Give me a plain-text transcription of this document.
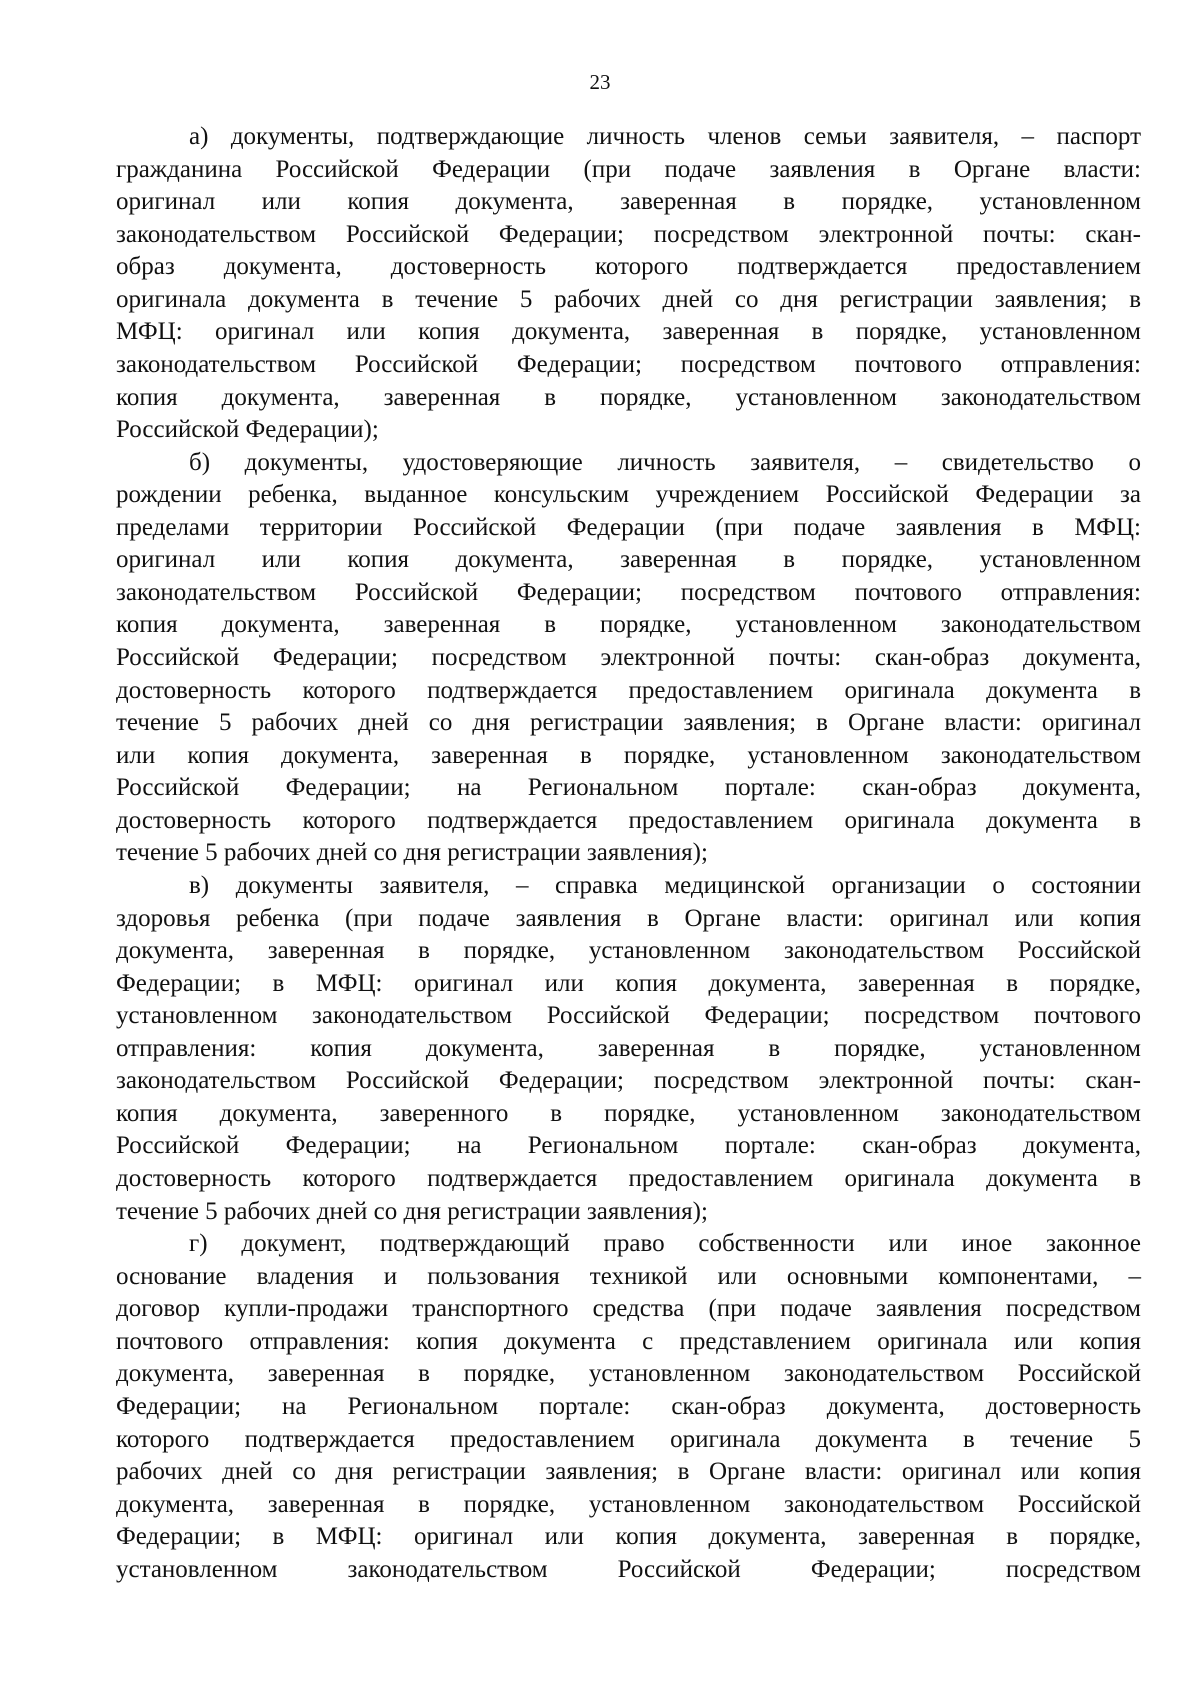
23
а) документы, подтверждающие личность членов семьи заявителя, – паспорт
гражданина Российской Федерации (при подаче заявления в Органе власти:
оригинал или копия документа, заверенная в порядке, установленном
законодательством Российской Федерации; посредством электронной почты: скан-
образ документа, достоверность которого подтверждается предоставлением
оригинала документа в течение 5 рабочих дней со дня регистрации заявления; в
МФЦ: оригинал или копия документа, заверенная в порядке, установленном
законодательством Российской Федерации; посредством почтового отправления:
копия документа, заверенная в порядке, установленном законодательством
Российской Федерации);
б) документы, удостоверяющие личность заявителя, – свидетельство о
рождении ребенка, выданное консульским учреждением Российской Федерации за
пределами территории Российской Федерации (при подаче заявления в МФЦ:
оригинал или копия документа, заверенная в порядке, установленном
законодательством Российской Федерации; посредством почтового отправления:
копия документа, заверенная в порядке, установленном законодательством
Российской Федерации; посредством электронной почты: скан-образ документа,
достоверность которого подтверждается предоставлением оригинала документа в
течение 5 рабочих дней со дня регистрации заявления; в Органе власти: оригинал
или копия документа, заверенная в порядке, установленном законодательством
Российской Федерации; на Региональном портале: скан-образ документа,
достоверность которого подтверждается предоставлением оригинала документа в
течение 5 рабочих дней со дня регистрации заявления);
в) документы заявителя, – справка медицинской организации о состоянии
здоровья ребенка (при подаче заявления в Органе власти: оригинал или копия
документа, заверенная в порядке, установленном законодательством Российской
Федерации; в МФЦ: оригинал или копия документа, заверенная в порядке,
установленном законодательством Российской Федерации; посредством почтового
отправления: копия документа, заверенная в порядке, установленном
законодательством Российской Федерации; посредством электронной почты: скан-
копия документа, заверенного в порядке, установленном законодательством
Российской Федерации; на Региональном портале: скан-образ документа,
достоверность которого подтверждается предоставлением оригинала документа в
течение 5 рабочих дней со дня регистрации заявления);
г) документ, подтверждающий право собственности или иное законное
основание владения и пользования техникой или основными компонентами, –
договор купли-продажи транспортного средства (при подаче заявления посредством
почтового отправления: копия документа с представлением оригинала или копия
документа, заверенная в порядке, установленном законодательством Российской
Федерации; на Региональном портале: скан-образ документа, достоверность
которого подтверждается предоставлением оригинала документа в течение 5
рабочих дней со дня регистрации заявления; в Органе власти: оригинал или копия
документа, заверенная в порядке, установленном законодательством Российской
Федерации; в МФЦ: оригинал или копия документа, заверенная в порядке,
установленном законодательством Российской Федерации; посредством
